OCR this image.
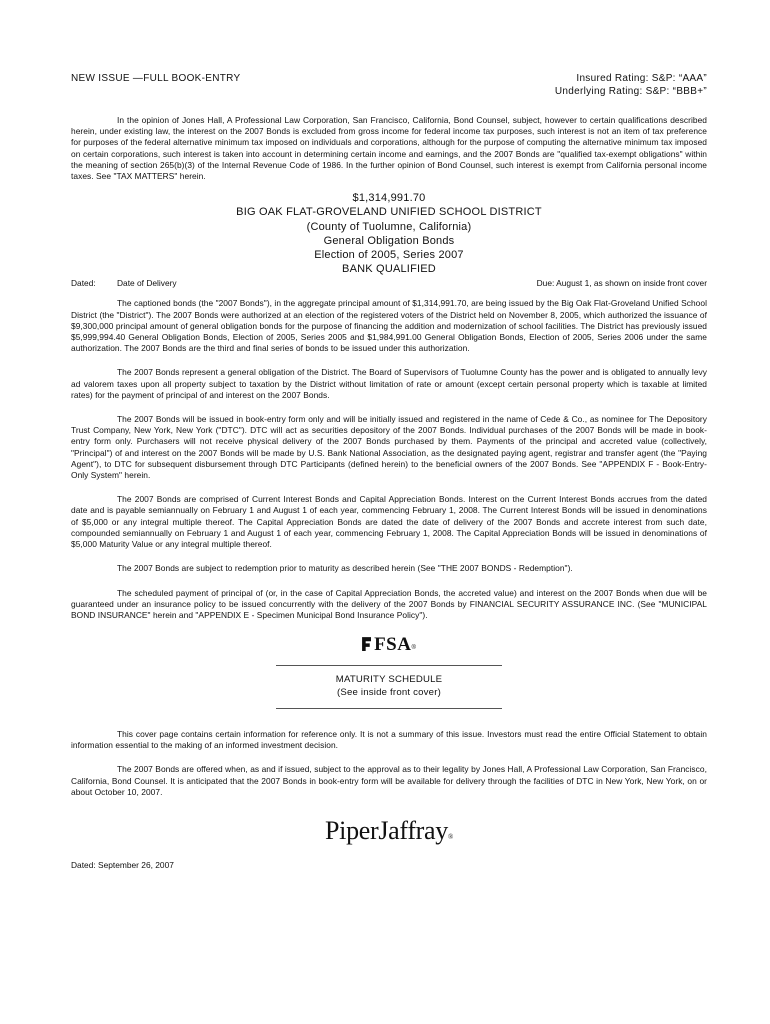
NEW ISSUE —FULL BOOK-ENTRY	Insured Rating: S&P: “AAA”
Underlying Rating: S&P: “BBB+”

In the opinion of Jones Hall, A Professional Law Corporation, San Francisco, California, Bond Counsel, subject, however to certain qualifications described herein, under existing law, the interest on the 2007 Bonds is excluded from gross income for federal income tax purposes, such interest is not an item of tax preference for purposes of the federal alternative minimum tax imposed on individuals and corporations, although for the purpose of computing the alternative minimum tax imposed on certain corporations, such interest is taken into account in determining certain income and earnings, and the 2007 Bonds are "qualified tax-exempt obligations" within the meaning of section 265(b)(3) of the Internal Revenue Code of 1986. In the further opinion of Bond Counsel, such interest is exempt from California personal income taxes. See "TAX MATTERS" herein.

$1,314,991.70
BIG OAK FLAT-GROVELAND UNIFIED SCHOOL DISTRICT
(County of Tuolumne, California)
General Obligation Bonds
Election of 2005, Series 2007
BANK QUALIFIED
Dated:	Date of Delivery	Due: August 1, as shown on inside front cover

The captioned bonds (the "2007 Bonds"), in the aggregate principal amount of $1,314,991.70, are being issued by the Big Oak Flat-Groveland Unified School District (the "District"). The 2007 Bonds were authorized at an election of the registered voters of the District held on November 8, 2005, which authorized the issuance of $9,300,000 principal amount of general obligation bonds for the purpose of financing the addition and modernization of school facilities. The District has previously issued $5,999,994.40 General Obligation Bonds, Election of 2005, Series 2005 and $1,984,991.00 General Obligation Bonds, Election of 2005, Series 2006 under the same authorization. The 2007 Bonds are the third and final series of bonds to be issued under this authorization.

The 2007 Bonds represent a general obligation of the District. The Board of Supervisors of Tuolumne County has the power and is obligated to annually levy ad valorem taxes upon all property subject to taxation by the District without limitation of rate or amount (except certain personal property which is taxable at limited rates) for the payment of principal of and interest on the 2007 Bonds.

The 2007 Bonds will be issued in book-entry form only and will be initially issued and registered in the name of Cede & Co., as nominee for The Depository Trust Company, New York, New York ("DTC"). DTC will act as securities depository of the 2007 Bonds. Individual purchases of the 2007 Bonds will be made in book-entry form only. Purchasers will not receive physical delivery of the 2007 Bonds purchased by them. Payments of the principal and accreted value (collectively, "Principal") of and interest on the 2007 Bonds will be made by U.S. Bank National Association, as the designated paying agent, registrar and transfer agent (the "Paying Agent"), to DTC for subsequent disbursement through DTC Participants (defined herein) to the beneficial owners of the 2007 Bonds. See "APPENDIX F - Book-Entry-Only System" herein.

The 2007 Bonds are comprised of Current Interest Bonds and Capital Appreciation Bonds. Interest on the Current Interest Bonds accrues from the dated date and is payable semiannually on February 1 and August 1 of each year, commencing February 1, 2008. The Current Interest Bonds will be issued in denominations of $5,000 or any integral multiple thereof. The Capital Appreciation Bonds are dated the date of delivery of the 2007 Bonds and accrete interest from such date, compounded semiannually on February 1 and August 1 of each year, commencing February 1, 2008. The Capital Appreciation Bonds will be issued in denominations of $5,000 Maturity Value or any integral multiple thereof.

The 2007 Bonds are subject to redemption prior to maturity as described herein (See "THE 2007 BONDS - Redemption").

The scheduled payment of principal of (or, in the case of Capital Appreciation Bonds, the accreted value) and interest on the 2007 Bonds when due will be guaranteed under an insurance policy to be issued concurrently with the delivery of the 2007 Bonds by FINANCIAL SECURITY ASSURANCE INC. (See "MUNICIPAL BOND INSURANCE" herein and "APPENDIX E - Specimen Municipal Bond Insurance Policy").

FSA®
MATURITY SCHEDULE
(See inside front cover)

This cover page contains certain information for reference only. It is not a summary of this issue. Investors must read the entire Official Statement to obtain information essential to the making of an informed investment decision.

The 2007 Bonds are offered when, as and if issued, subject to the approval as to their legality by Jones Hall, A Professional Law Corporation, San Francisco, California, Bond Counsel. It is anticipated that the 2007 Bonds in book-entry form will be available for delivery through the facilities of DTC in New York, New York, on or about October 10, 2007.

PiperJaffray®
Dated: September 26, 2007
